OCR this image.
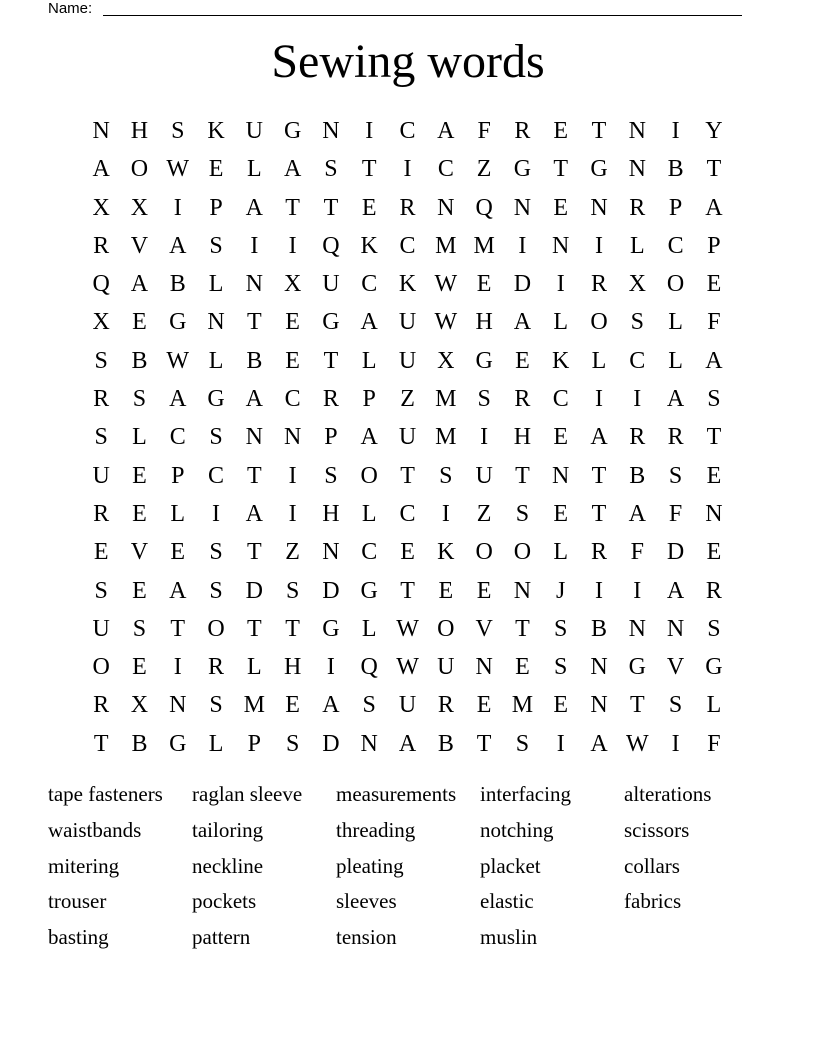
Name:
Sewing words
N H S K U G N	I	C A F R E T N	I	Y
A O W E L A S	T	I	C Z G T G N B T
X X	I	P A T T E R N Q N E N R P A
R V A S	I	I	Q K C M M I	N	I	L C P
Q A B L N X U C K W E D	I	R X O E
X E G N T E G A U W H A L O S	L	F
S B W L B E T L U X G E K L C L A
R S A G A C R P	Z M S R C	I	I	A S
S	L C S N N P A U M I	H E A R R T
U E	P C T	I	S O T	S U T N T B S	E
R E L	I	A	I	H L C	I	Z	S	E T A F N
E V E	S	T Z N C E K O O L R F D E
S	E A S D S D G T E E N	J	I	I	A R
U S	T O T T G L W O V T	S B N N S
O E	I	R L H	I	Q W U N E	S N G V G
R X N S M E A S U R E M E N T	S	L
T B G L	P	S D N A B T	S	I	A W I	F
tape fasteners	raglan sleeve	measurements	interfacing	alterations
waistbands	tailoring	threading	notching	scissors
mitering	neckline	pleating	placket	collars
trouser	pockets	sleeves	elastic	fabrics
basting	pattern	tension	muslin
